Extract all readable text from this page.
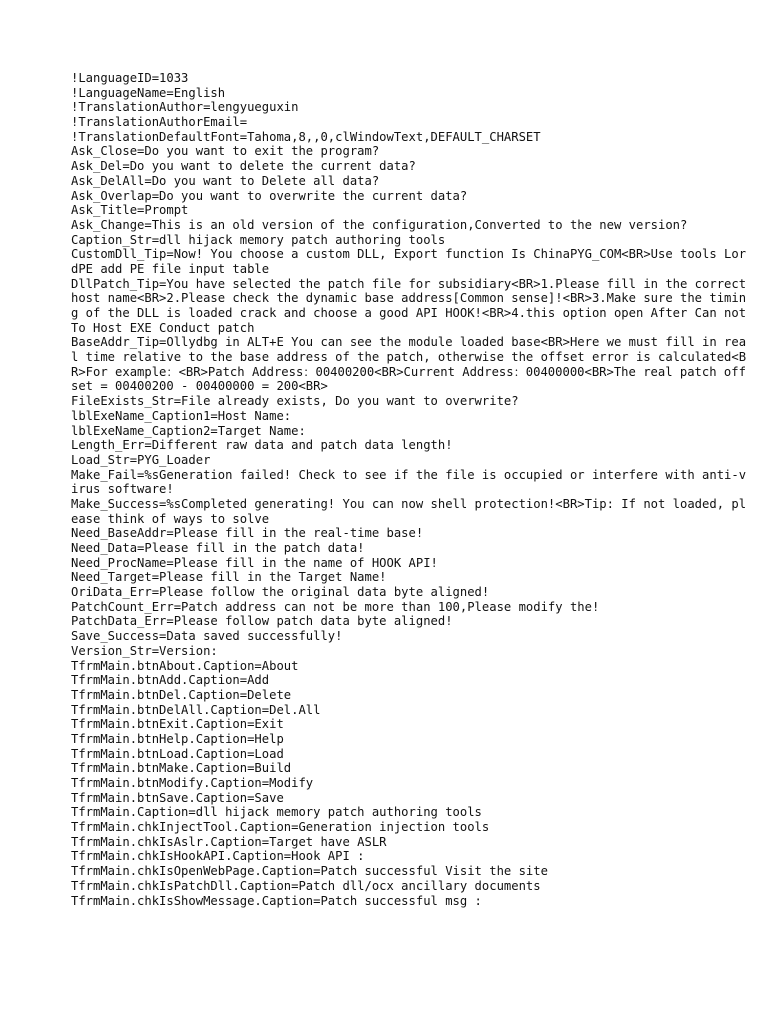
!LanguageID=1033
!LanguageName=English
!TranslationAuthor=lengyueguxin
!TranslationAuthorEmail=
!TranslationDefaultFont=Tahoma,8,,0,clWindowText,DEFAULT_CHARSET
Ask_Close=Do you want to exit the program?
Ask_Del=Do you want to delete the current data?
Ask_DelAll=Do you want to Delete all data?
Ask_Overlap=Do you want to overwrite the current data?
Ask_Title=Prompt
Ask_Change=This is an old version of the configuration,Converted to the new version?
Caption_Str=dll hijack memory patch authoring tools
CustomDll_Tip=Now! You choose a custom DLL, Export function Is ChinaPYG_COM<BR>Use tools LordPE add PE file input table
DllPatch_Tip=You have selected the patch file for subsidiary<BR>1.Please fill in the correct host name<BR>2.Please check the dynamic base address[Common sense]!<BR>3.Make sure the timing of the DLL is loaded crack and choose a good API HOOK!<BR>4.this option open After Can not To Host EXE Conduct patch
BaseAddr_Tip=Ollydbg in ALT+E You can see the module loaded base<BR>Here we must fill in real time relative to the base address of the patch, otherwise the offset error is calculated<BR>For example：<BR>Patch Address：00400200<BR>Current Address：00400000<BR>The real patch offset = 00400200 - 00400000 = 200<BR>
FileExists_Str=File already exists, Do you want to overwrite?
lblExeName_Caption1=Host Name:
lblExeName_Caption2=Target Name:
Length_Err=Different raw data and patch data length!
Load_Str=PYG_Loader
Make_Fail=%sGeneration failed! Check to see if the file is occupied or interfere with anti-virus software!
Make_Success=%sCompleted generating! You can now shell protection!<BR>Tip: If not loaded, please think of ways to solve
Need_BaseAddr=Please fill in the real-time base!
Need_Data=Please fill in the patch data!
Need_ProcName=Please fill in the name of HOOK API!
Need_Target=Please fill in the Target Name!
OriData_Err=Please follow the original data byte aligned!
PatchCount_Err=Patch address can not be more than 100,Please modify the!
PatchData_Err=Please follow patch data byte aligned!
Save_Success=Data saved successfully!
Version_Str=Version:
TfrmMain.btnAbout.Caption=About
TfrmMain.btnAdd.Caption=Add
TfrmMain.btnDel.Caption=Delete
TfrmMain.btnDelAll.Caption=Del.All
TfrmMain.btnExit.Caption=Exit
TfrmMain.btnHelp.Caption=Help
TfrmMain.btnLoad.Caption=Load
TfrmMain.btnMake.Caption=Build
TfrmMain.btnModify.Caption=Modify
TfrmMain.btnSave.Caption=Save
TfrmMain.Caption=dll hijack memory patch authoring tools
TfrmMain.chkInjectTool.Caption=Generation injection tools
TfrmMain.chkIsAslr.Caption=Target have ASLR
TfrmMain.chkIsHookAPI.Caption=Hook API :
TfrmMain.chkIsOpenWebPage.Caption=Patch successful Visit the site
TfrmMain.chkIsPatchDll.Caption=Patch dll/ocx ancillary documents
TfrmMain.chkIsShowMessage.Caption=Patch successful msg :
